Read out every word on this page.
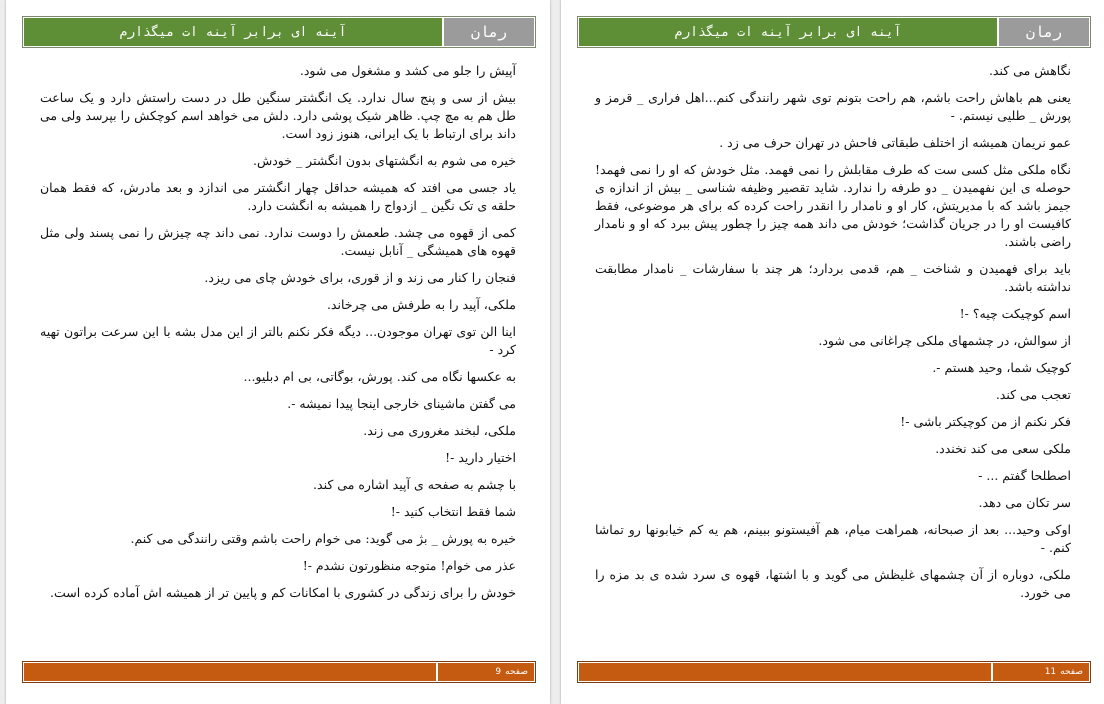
آینه ای برابر آینه ات میگذارم	رمان

آپیش را جلو می کشد و مشغول می شود.

بیش از سی و پنج سال ندارد. یک انگشتر سنگین طل در دست راستش دارد و یک ساعت طل هم به مچ چپ. ظاهر شیک پوشی دارد. دلش می خواهد اسم کوچکش را بپرسد ولی می داند برای ارتباط با یک ایرانی، هنوز زود است.

خیره می شوم به انگشتهای بدون انگشتر _ خودش.

یاد جسی می افتد که همیشه حداقل چهار انگشتر می اندازد و بعد مادرش، که فقط همان حلقه ی تک نگین _ ازدواج را همیشه به انگشت دارد.

کمی از قهوه می چشد. طعمش را دوست ندارد. نمی داند چه چیزش را نمی پسند ولی مثل قهوه های همیشگی _ آنابل نیست.

فنجان را کنار می زند و از قوری، برای خودش چای می ریزد.

ملکی، آپید را به طرفش می چرخاند.

اینا الن توی تهران موجودن... دیگه فکر نکنم بالتر از این مدل بشه با این سرعت براتون تهیه کرد -

به عکسها نگاه می کند. پورش، بوگاتی، بی ام دبلیو...

می گفتن ماشینای خارجی اینجا پیدا نمیشه -.

ملکی، لبخند مغروری می زند.

اختیار دارید -!

با چشم به صفحه ی آپید اشاره می کند.

شما فقط انتخاب کنید -!

خیره به پورش _ بژ می گوید: می خوام راحت باشم وقتی رانندگی می کنم.

عذر می خوام! متوجه منظورتون نشدم -!

خودش را برای زندگی در کشوری با امکانات کم و پایین تر از همیشه اش آماده کرده است.

صفحه
9
آینه ای برابر آینه ات میگذارم	رمان

نگاهش می کند.

یعنی هم باهاش راحت باشم، هم راحت بتونم توی شهر رانندگی کنم...اهل فراری _ قرمز و پورش _ طلیی نیستم. -

عمو نریمان همیشه از اختلف طبقاتی فاحش در تهران حرف می زد .

نگاه ملکی مثل کسی ست که طرف مقابلش را نمی فهمد. مثل خودش که او را نمی فهمد! حوصله ی این نفهمیدن _ دو طرفه را ندارد. شاید تقصیر وظیفه شناسی _ بیش از اندازه ی جیمز باشد که با مدیریتش، کار او و نامدار را انقدر راحت کرده که برای هر موضوعی، فقط کافیست او را در جریان گذاشت؛ خودش می داند همه چیز را چطور پیش ببرد که او و نامدار راضی باشند.

باید برای فهمیدن و شناخت _ هم، قدمی بردارد؛ هر چند با سفارشات _ نامدار مطابقت نداشته باشد.

اسم کوچیکت چیه؟ -!

از سوالش، در چشمهای ملکی چراغانی می شود.

کوچیک شما، وحید هستم -.

تعجب می کند.

فکر نکنم از من کوچیکتر باشی -!

ملکی سعی می کند نخندد.

اصطلحا گفتم ... -

سر تکان می دهد.

اوکی وحید... بعد از صبحانه، همراهت میام، هم آفیستونو ببینم، هم یه کم خیابونها رو تماشا کنم. -

ملکی، دوباره از آن چشمهای غلیظش می گوید و با اشتها، قهوه ی سرد شده ی بد مزه را می خورد.

صفحه
11
